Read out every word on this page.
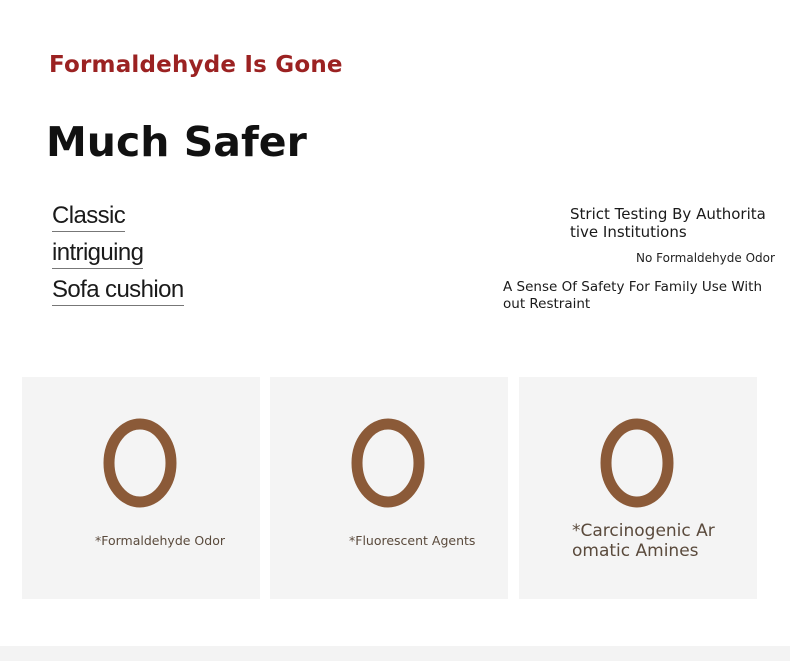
Formaldehyde Is Gone
Much Safer
Classic
intriguing
Sofa cushion
Strict Testing By Authoritative Institutions
No Formaldehyde Odor
A Sense Of Safety For Family Use Without Restraint
*Formaldehyde Odor	*Fluorescent Agents	*Carcinogenic Aromatic Amines
